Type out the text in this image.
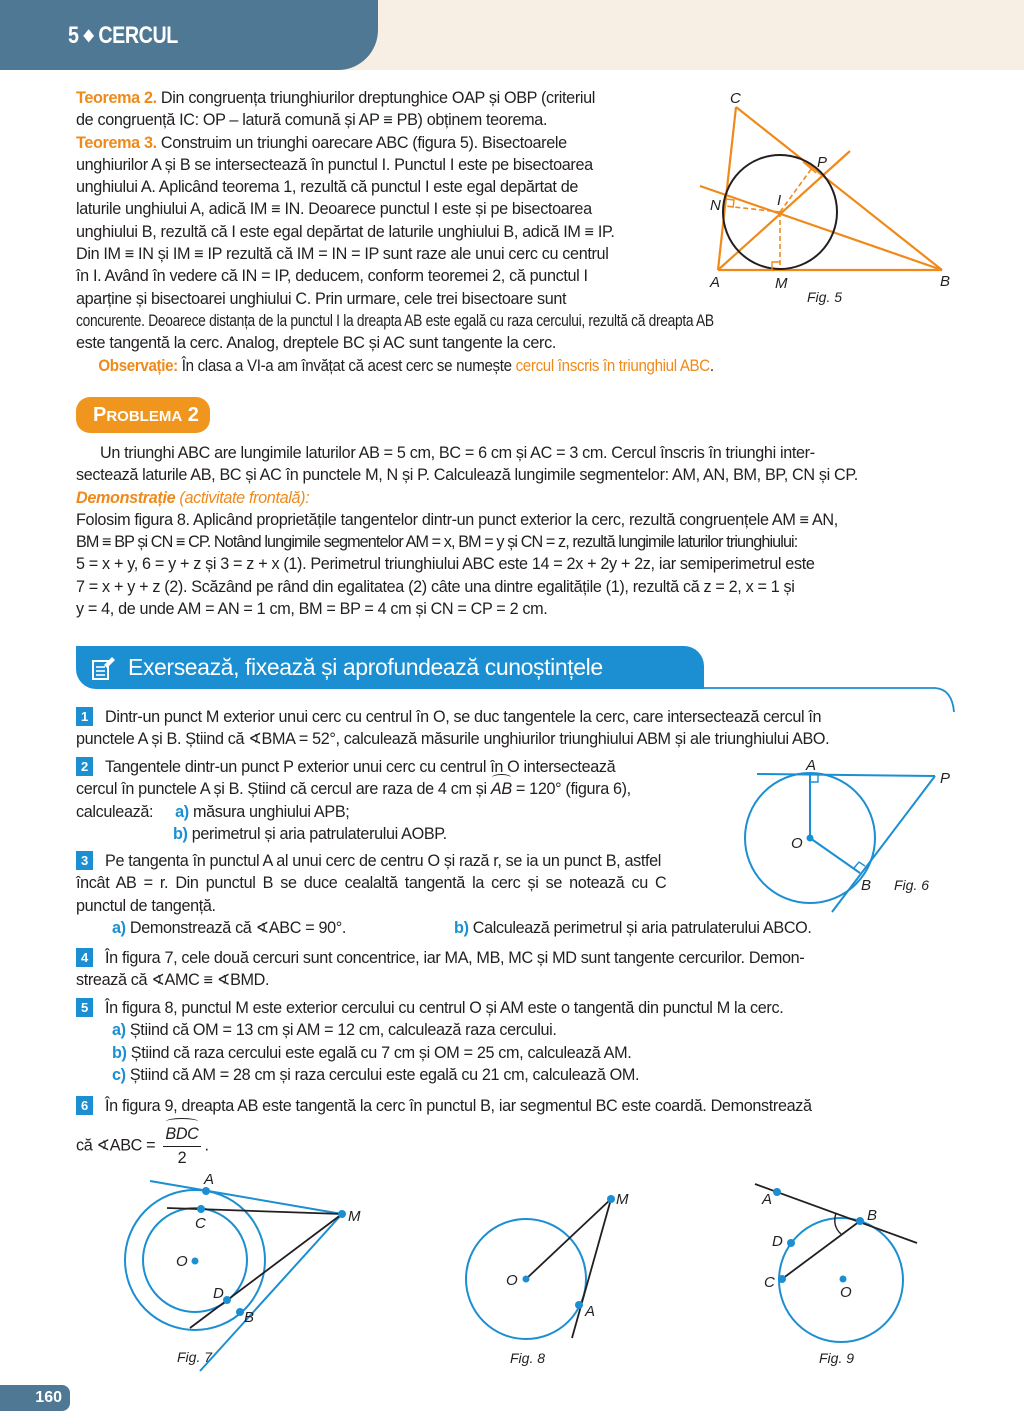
5 ◆ CERCUL
Teorema 2. Din congruența triunghiurilor dreptunghice OAP și OBP (criteriul
de congruență IC: OP – latură comună și AP ≡ PB) obținem teorema.
Teorema 3. Construim un triunghi oarecare ABC (figura 5). Bisectoarele
unghiurilor A și B se intersectează în punctul I. Punctul I este pe bisectoarea
unghiului A. Aplicând teorema 1, rezultă că punctul I este egal depărtat de
laturile unghiului A, adică IM ≡ IN. Deoarece punctul I este și pe bisectoarea
unghiului B, rezultă că I este egal depărtat de laturile unghiului B, adică IM ≡ IP.
Din IM ≡ IN și IM ≡ IP rezultă că IM = IN = IP sunt raze ale unui cerc cu centrul
în I. Având în vedere că IN = IP, deducem, conform teoremei 2, că punctul I
aparține și bisectoarei unghiului C. Prin urmare, cele trei bisectoare sunt
concurente. Deoarece distanța de la punctul I la dreapta AB este egală cu raza cercului, rezultă că dreapta AB
este tangentă la cerc. Analog, dreptele BC și AC sunt tangente la cerc.
Observație: În clasa a VI-a am învățat că acest cerc se numește cercul înscris în triunghiul ABC.
C
P
N	I
A	M	B
Fig. 5
PROBLEMA 2
Un triunghi ABC are lungimile laturilor AB = 5 cm, BC = 6 cm și AC = 3 cm. Cercul înscris în triunghi inter-
sectează laturile AB, BC și AC în punctele M, N și P. Calculează lungimile segmentelor: AM, AN, BM, BP, CN și CP.
Demonstrație (activitate frontală):
Folosim figura 8. Aplicând proprietățile tangentelor dintr-un punct exterior la cerc, rezultă congruențele AM ≡ AN,
BM ≡ BP și CN ≡ CP. Notând lungimile segmentelor AM = x, BM = y și CN = z, rezultă lungimile laturilor triunghiului:
5 = x + y, 6 = y + z și 3 = z + x (1). Perimetrul triunghiului ABC este 14 = 2x + 2y + 2z, iar semiperimetrul este
7 = x + y + z (2). Scăzând pe rând din egalitatea (2) câte una dintre egalitățile (1), rezultă că z = 2, x = 1 și
y = 4, de unde AM = AN = 1 cm, BM = BP = 4 cm și CN = CP = 2 cm.
Exersează, fixează și aprofundează cunoștințele
1 Dintr-un punct M exterior unui cerc cu centrul în O, se duc tangentele la cerc, care intersectează cercul în
punctele A și B. Știind că ∢BMA = 52°, calculează măsurile unghiurilor triunghiului ABM și ale triunghiului ABO.
2 Tangentele dintr-un punct P exterior unui cerc cu centrul în O intersectează
cercul în punctele A și B. Știind că cercul are raza de 4 cm și AB = 120° (figura 6),
calculează: a) măsura unghiului APB;
b) perimetrul și aria patrulaterului AOBP.
A
P
O
B Fig. 6
3 Pe tangenta în punctul A al unui cerc de centru O și rază r, se ia un punct B, astfel
încât AB = r. Din punctul B se duce cealaltă tangentă la cerc și se notează cu C
punctul de tangență.
a) Demonstrează că ∢ABC = 90°.	b) Calculează perimetrul și aria patrulaterului ABCO.
4 În figura 7, cele două cercuri sunt concentrice, iar MA, MB, MC și MD sunt tangente cercurilor. Demon-
strează că ∢AMC ≡ ∢BMD.
5 În figura 8, punctul M este exterior cercului cu centrul O și AM este o tangentă din punctul M la cerc.
a) Știind că OM = 13 cm și AM = 12 cm, calculează raza cercului.
b) Știind că raza cercului este egală cu 7 cm și OM = 25 cm, calculează AM.
c) Știind că AM = 28 cm și raza cercului este egală cu 21 cm, calculează OM.
6 În figura 9, dreapta AB este tangentă la cerc în punctul B, iar segmentul BC este coardă. Demonstrează
că ∢ABC = $\frac{\text{BDC}}{2}$ .
A
C	M
O
D
B
Fig. 7
M
O
A
Fig. 8
A
B
D
C
O
Fig. 9
160
